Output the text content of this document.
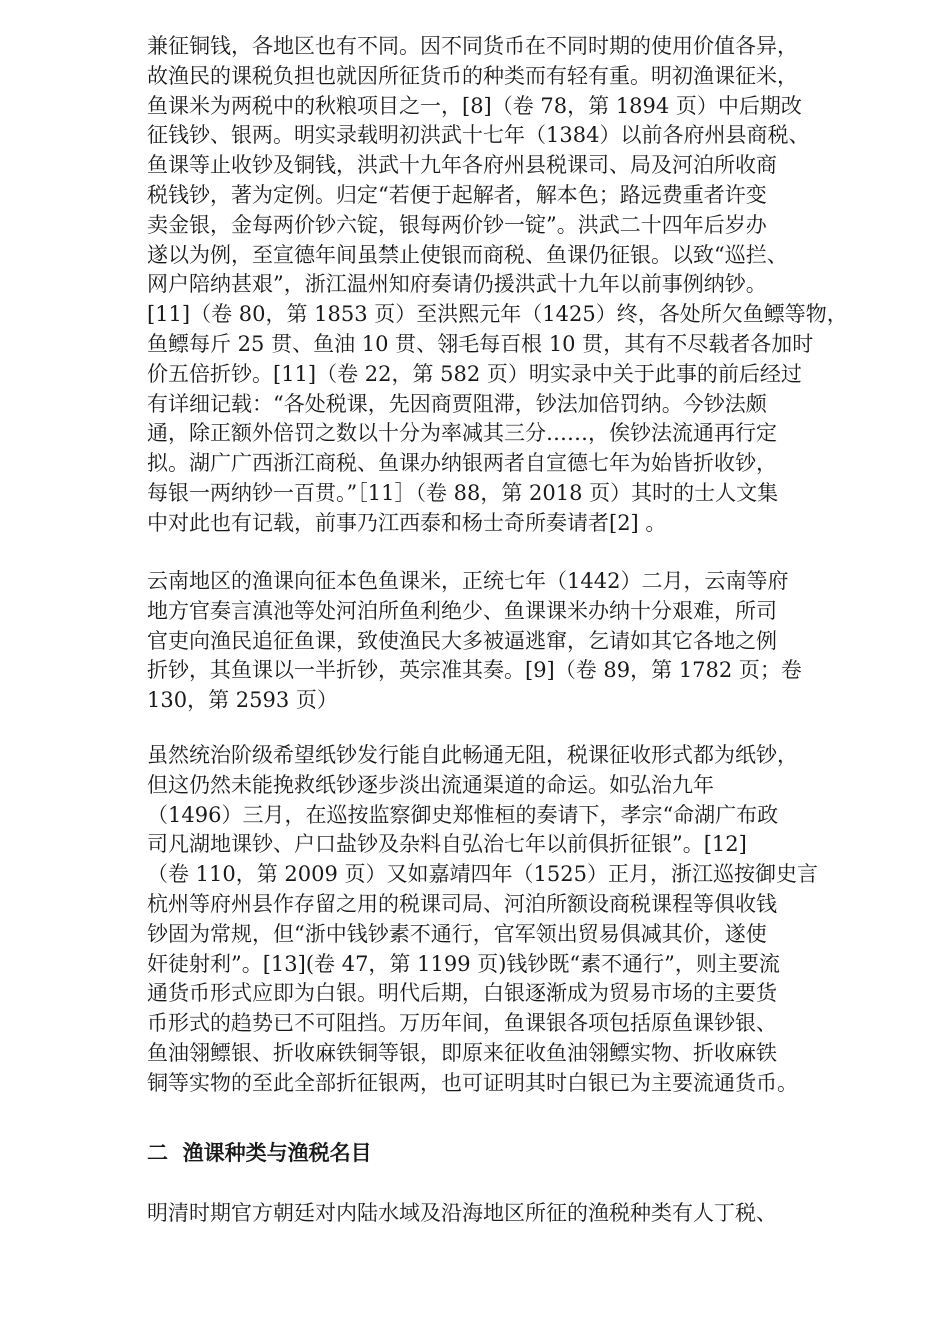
兼征铜钱，各地区也有不同。因不同货币在不同时期的使用价值各异，
故渔民的课税负担也就因所征货币的种类而有轻有重。明初渔课征米，
鱼课米为两税中的秋粮项目之一，[8]（卷 78，第 1894 页）中后期改
征钱钞、银两。明实录载明初洪武十七年（1384）以前各府州县商税、
鱼课等止收钞及铜钱，洪武十九年各府州县税课司、局及河泊所收商
税钱钞，著为定例。归定“若便于起解者，解本色；路远费重者许变
卖金银，金每两价钞六锭，银每两价钞一锭”。洪武二十四年后岁办
遂以为例，至宣德年间虽禁止使银而商税、鱼课仍征银。以致“巡拦、
网户陪纳甚艰”，浙江温州知府奏请仍援洪武十九年以前事例纳钞。
[11]（卷 80，第 1853 页）至洪熙元年（1425）终，各处所欠鱼鳔等物，
鱼鳔每斤 25 贯、鱼油 10 贯、翎毛每百根 10 贯，其有不尽载者各加时
价五倍折钞。[11]（卷 22，第 582 页）明实录中关于此事的前后经过
有详细记载：“各处税课，先因商贾阻滞，钞法加倍罚纳。今钞法颇
通，除正额外倍罚之数以十分为率减其三分……，俟钞法流通再行定
拟。湖广广西浙江商税、鱼课办纳银两者自宣德七年为始皆折收钞，
每银一两纳钞一百贯。”［11］（卷 88，第 2018 页）其时的士人文集
中对此也有记载，前事乃江西泰和杨士奇所奏请者[2] 。
云南地区的渔课向征本色鱼课米，正统七年（1442）二月，云南等府
地方官奏言滇池等处河泊所鱼利绝少、鱼课课米办纳十分艰难，所司
官吏向渔民追征鱼课，致使渔民大多被逼逃窜，乞请如其它各地之例
折钞，其鱼课以一半折钞，英宗准其奏。[9]（卷 89，第 1782 页；卷
130，第 2593 页）
虽然统治阶级希望纸钞发行能自此畅通无阻，税课征收形式都为纸钞，
但这仍然未能挽救纸钞逐步淡出流通渠道的命运。如弘治九年
（1496）三月，在巡按监察御史郑惟桓的奏请下，孝宗“命湖广布政
司凡湖地课钞、户口盐钞及杂料自弘治七年以前俱折征银”。[12]
（卷 110，第 2009 页）又如嘉靖四年（1525）正月，浙江巡按御史言
杭州等府州县作存留之用的税课司局、河泊所额设商税课程等俱收钱
钞固为常规，但“浙中钱钞素不通行，官军领出贸易俱减其价，遂使
奸徒射利”。[13](卷 47，第 1199 页)钱钞既“素不通行”，则主要流
通货币形式应即为白银。明代后期，白银逐渐成为贸易市场的主要货
币形式的趋势已不可阻挡。万历年间，鱼课银各项包括原鱼课钞银、
鱼油翎鳔银、折收麻铁铜等银，即原来征收鱼油翎鳔实物、折收麻铁
铜等实物的至此全部折征银两，也可证明其时白银已为主要流通货币。
二  渔课种类与渔税名目
明清时期官方朝廷对内陆水域及沿海地区所征的渔税种类有人丁税、
